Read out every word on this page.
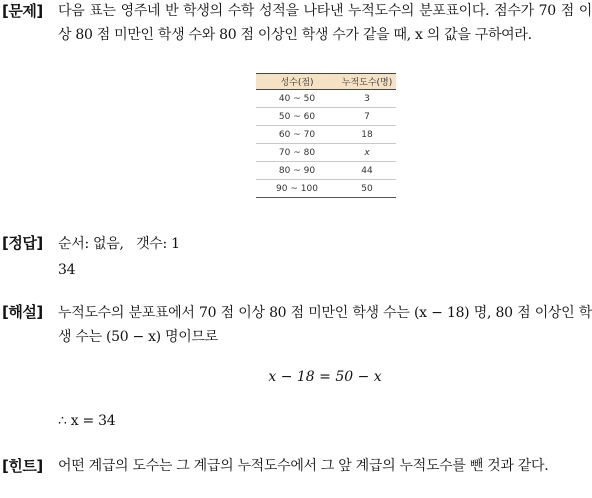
[문제] 다음 표는 영주네 반 학생의 수학 성적을 나타낸 누적도수의 분포표이다. 점수가 70 점 이상 80 점 미만인 학생 수와 80 점 이상인 학생 수가 같을 때, x 의 값을 구하여라.
성수(점)	누적도수(명)
40 ~ 50	3
50 ~ 60	7
60 ~ 70	18
70 ~ 80	x
80 ~ 90	44
90 ~ 100	50
[정답] 순서: 없음,   갯수: 1
34
[해설] 누적도수의 분포표에서 70 점 이상 80 점 미만인 학생 수는 (x − 18) 명, 80 점 이상인 학생 수는 (50 − x) 명이므로
x − 18 = 50 − x
∴ x = 34
[힌트] 어떤 계급의 도수는 그 계급의 누적도수에서 그 앞 계급의 누적도수를 뺀 것과 같다.
